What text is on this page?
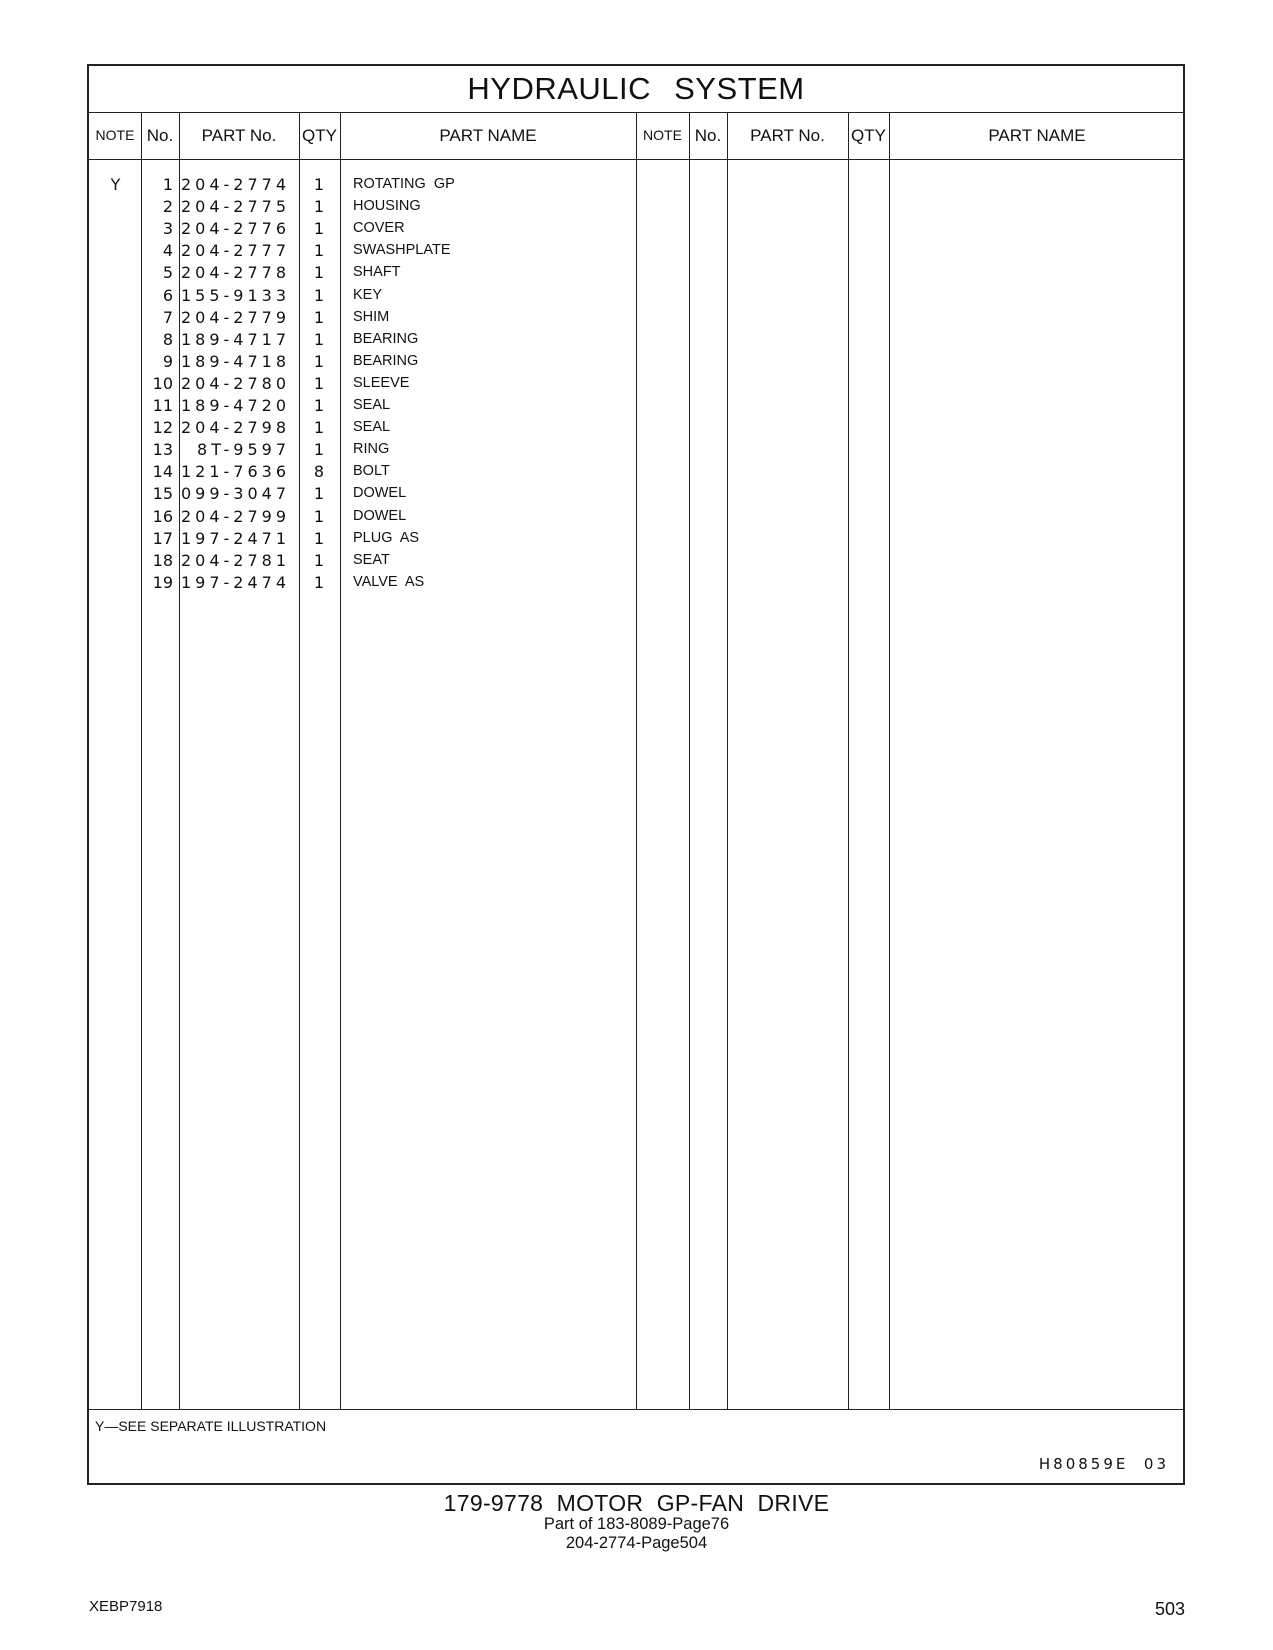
HYDRAULIC SYSTEM
NOTE No.	PART No.	QTY	PART NAME	NOTE No.	PART No.	QTY	PART NAME
Y	1 204-2774	1 ROTATING  GP
2 204-2775	1 HOUSING
3 204-2776	1 COVER
4 204-2777	1 SWASHPLATE
5 204-2778	1 SHAFT
6 155-9133	1 KEY
7 204-2779	1 SHIM
8 189-4717	1 BEARING
9 189-4718	1 BEARING
10 204-2780	1 SLEEVE
11 189-4720	1 SEAL
12 204-2798	1 SEAL
13	8T-9597	1 RING
14 121-7636	8 BOLT
15 099-3047	1 DOWEL
16 204-2799	1 DOWEL
17 197-2471	1 PLUG  AS
18 204-2781	1 SEAT
19 197-2474	1 VALVE  AS
Y—SEE SEPARATE ILLUSTRATION
H80859E  03
179-9778  MOTOR  GP-FAN  DRIVE
Part of 183-8089-Page76
204-2774-Page504
XEBP7918	503
